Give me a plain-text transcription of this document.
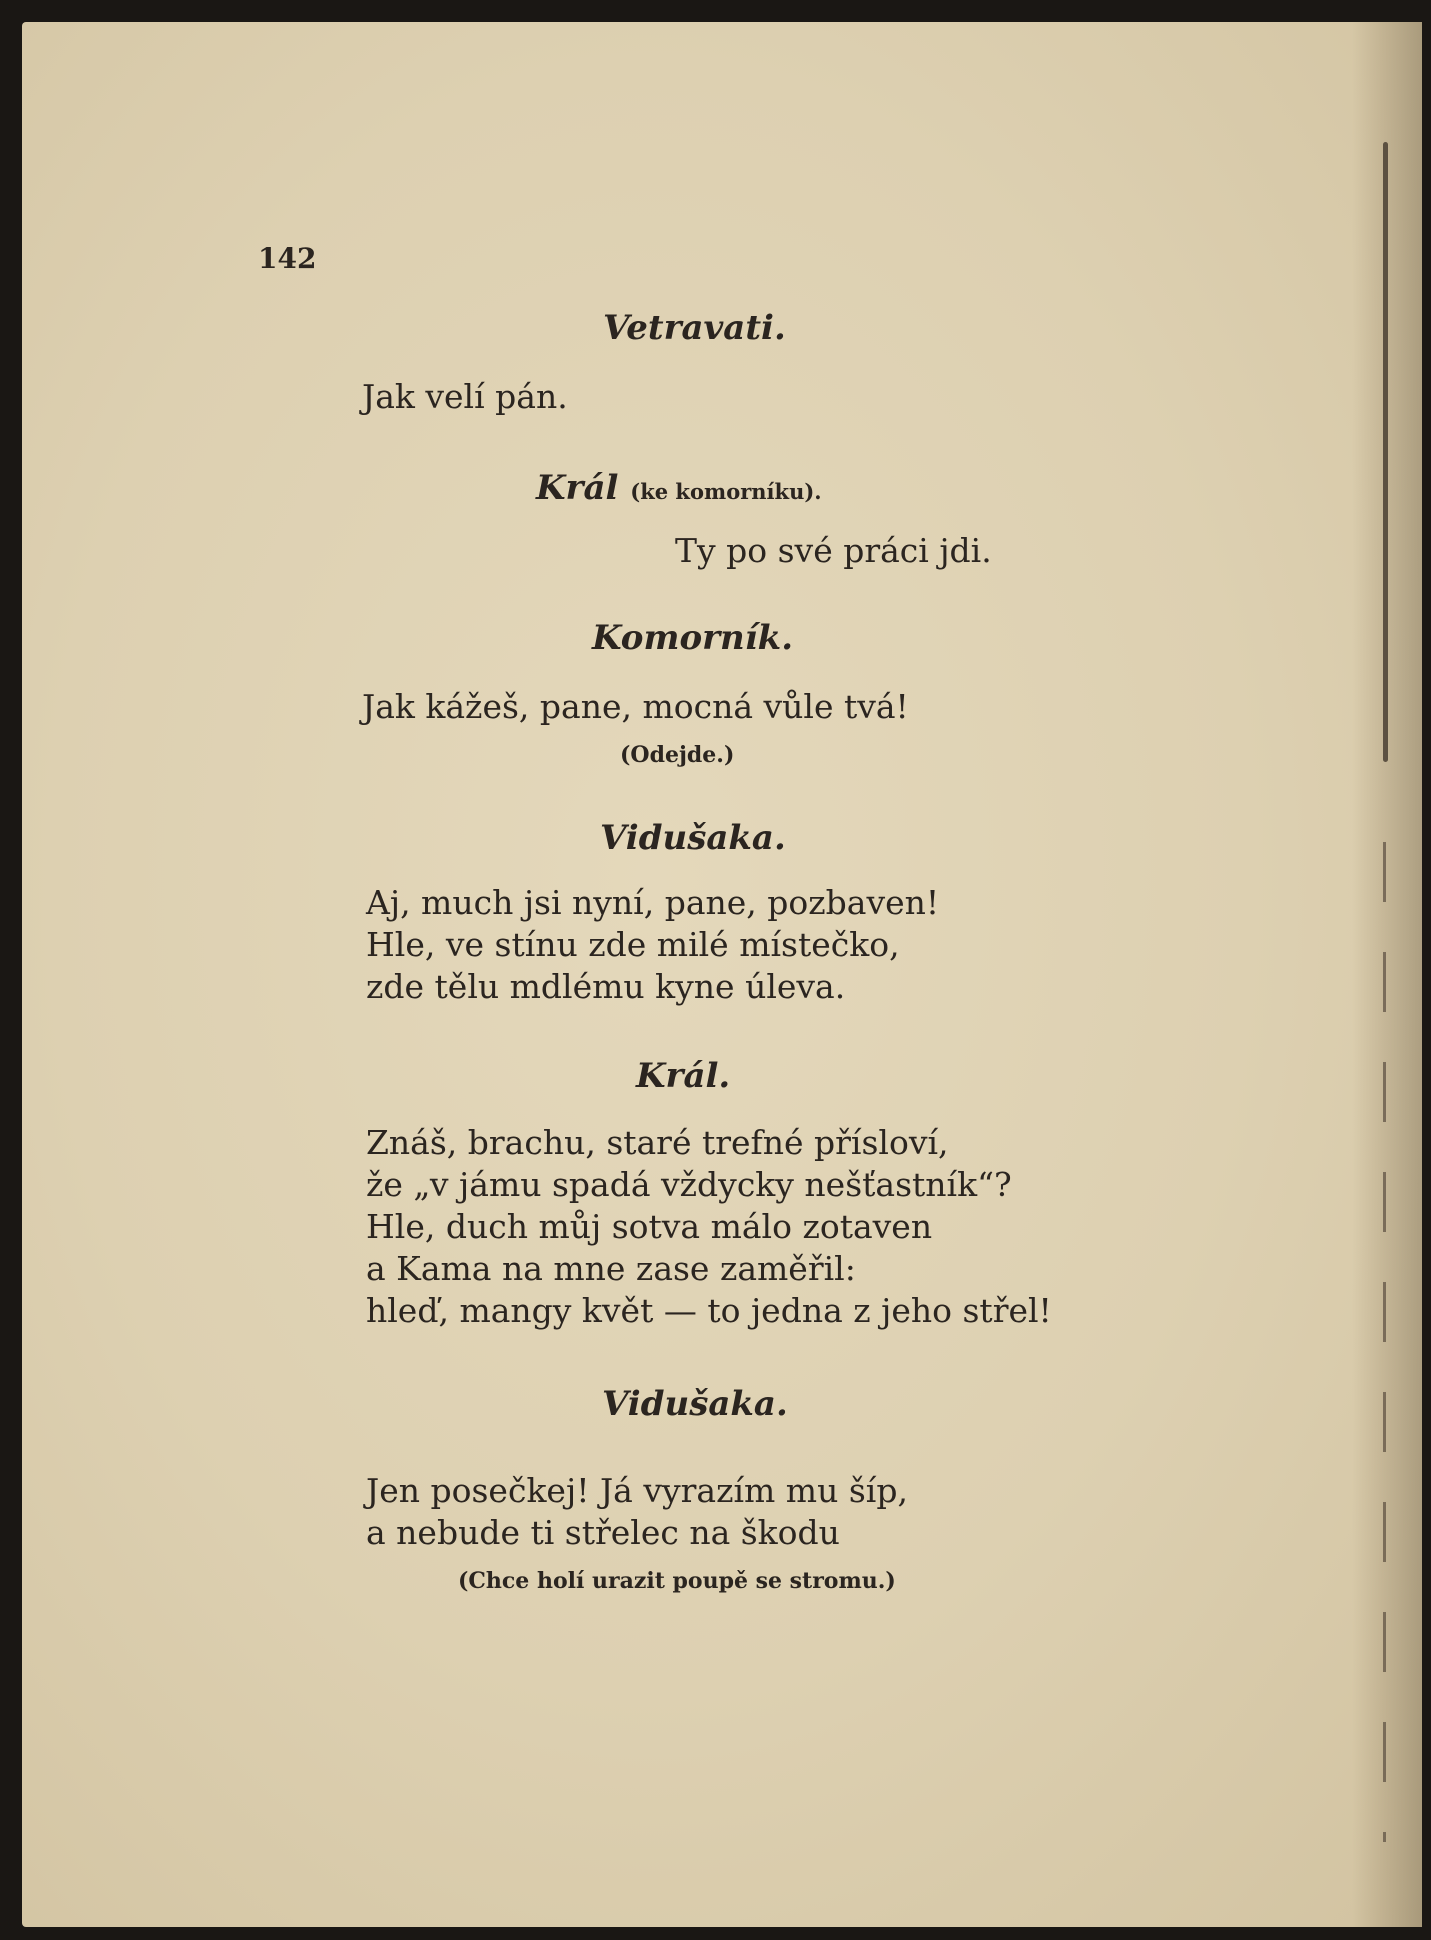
142
Vetravati.
Jak velí pán.
Král (ke komorníku).
Ty po své práci jdi.
Komorník.
Jak kážeš, pane, mocná vůle tvá!
(Odejde.)
Vidušaka.
Aj, much jsi nyní, pane, pozbaven!
Hle, ve stínu zde milé místečko,
zde tělu mdlému kyne úleva.
Král.
Znáš, brachu, staré trefné přísloví,
že „v jámu spadá vždycky nešťastník“?
Hle, duch můj sotva málo zotaven
a Kama na mne zase zaměřil:
hleď, mangy květ — to jedna z jeho střel!
Vidušaka.
Jen posečkej! Já vyrazím mu šíp,
a nebude ti střelec na škodu
(Chce holí urazit poupě se stromu.)
